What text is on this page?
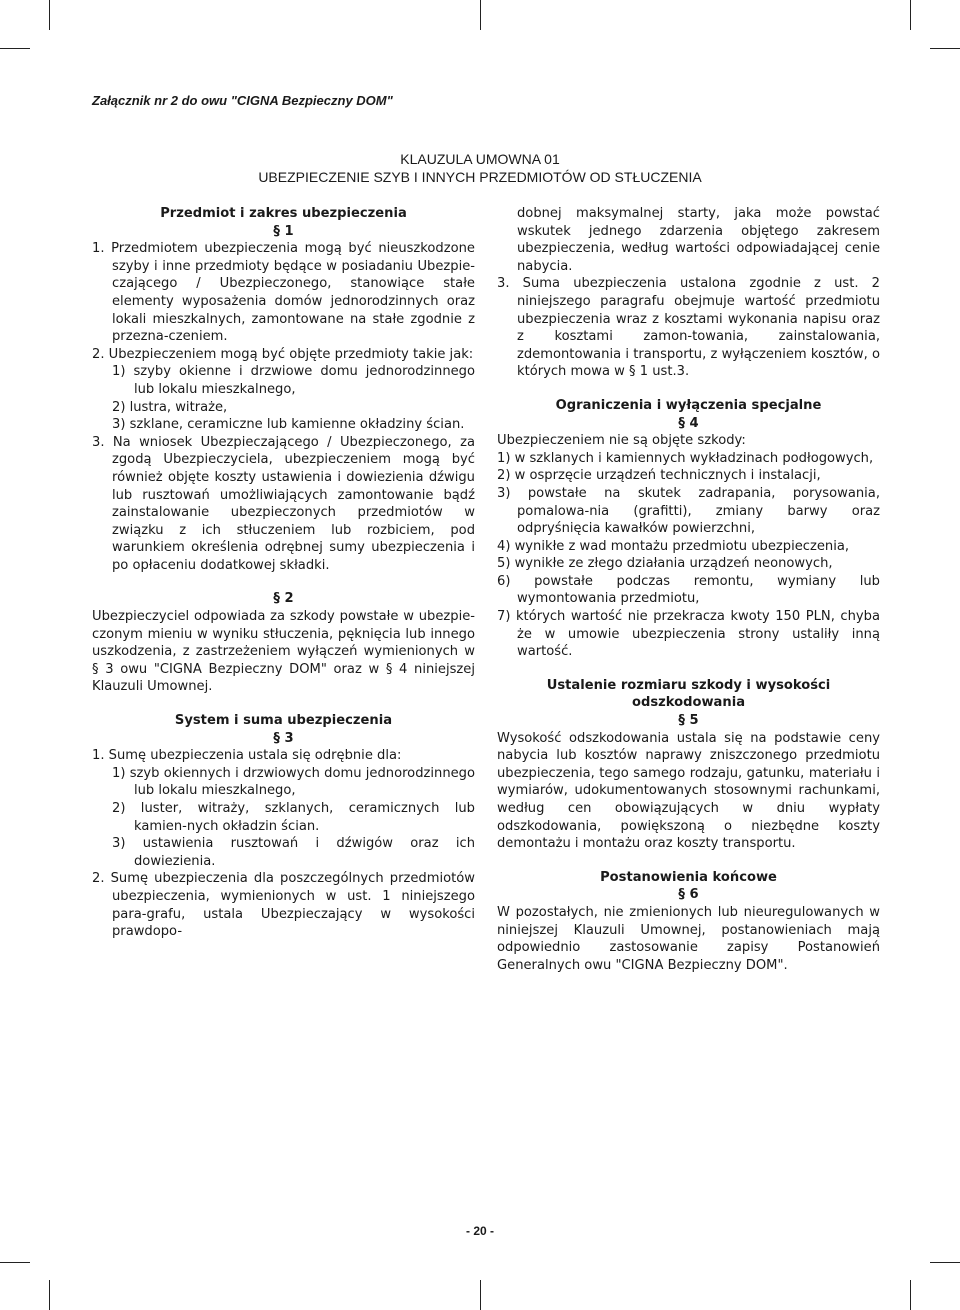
Załącznik nr 2 do owu "CIGNA Bezpieczny DOM"
KLAUZULA UMOWNA 01
UBEZPIECZENIE SZYB I INNYCH PRZEDMIOTÓW OD STŁUCZENIA
Przedmiot i zakres ubezpieczenia
§ 1

1. Przedmiotem ubezpieczenia mogą być nieuszkodzone szyby i inne przedmioty będące w posiadaniu Ubezpie-czającego / Ubezpieczonego, stanowiące stałe elementy wyposażenia domów jednorodzinnych oraz lokali mieszkalnych, zamontowane na stałe zgodnie z przezna-czeniem.

2. Ubezpieczeniem mogą być objęte przedmioty takie jak:

1) szyby okienne i drzwiowe domu jednorodzinnego lub lokalu mieszkalnego,

2) lustra, witraże,

3) szklane, ceramiczne lub kamienne okładziny ścian.

3. Na wniosek Ubezpieczającego / Ubezpieczonego, za zgodą Ubezpieczyciela, ubezpieczeniem mogą być również objęte koszty ustawienia i dowiezienia dźwigu lub rusztowań umożliwiających zamontowanie bądź zainstalowanie ubezpieczonych przedmiotów w związku z ich stłuczeniem lub rozbiciem, pod warunkiem określenia odrębnej sumy ubezpieczenia i po opłaceniu dodatkowej składki.

§ 2

Ubezpieczyciel odpowiada za szkody powstałe w ubezpie-czonym mieniu w wyniku stłuczenia, pęknięcia lub innego uszkodzenia, z zastrzeżeniem wyłączeń wymienionych w § 3 owu "CIGNA Bezpieczny DOM" oraz w § 4 niniejszej Klauzuli Umownej.

System i suma ubezpieczenia
§ 3

1. Sumę ubezpieczenia ustala się odrębnie dla:

1) szyb okiennych i drzwiowych domu jednorodzinnego lub lokalu mieszkalnego,

2) luster, witraży, szklanych, ceramicznych lub kamien-nych okładzin ścian.

3) ustawienia rusztowań i dźwigów oraz ich dowiezienia.

2. Sumę ubezpieczenia dla poszczególnych przedmiotów ubezpieczenia, wymienionych w ust. 1 niniejszego para-grafu, ustala Ubezpieczający w wysokości prawdopo-

dobnej maksymalnej starty, jaka może powstać wskutek jednego zdarzenia objętego zakresem ubezpieczenia, według wartości odpowiadającej cenie nabycia.

3. Suma ubezpieczenia ustalona zgodnie z ust. 2 niniejszego paragrafu obejmuje wartość przedmiotu ubezpieczenia wraz z kosztami wykonania napisu oraz z kosztami zamon-towania, zainstalowania, zdemontowania i transportu, z wyłączeniem kosztów, o których mowa w § 1 ust.3.

Ograniczenia i wyłączenia specjalne
§ 4

Ubezpieczeniem nie są objęte szkody:

1) w szklanych i kamiennych wykładzinach podłogowych,

2) w osprzęcie urządzeń technicznych i instalacji,

3) powstałe na skutek zadrapania, porysowania, pomalowa-nia (grafitti), zmiany barwy oraz odpryśnięcia kawałków powierzchni,

4) wynikłe z wad montażu przedmiotu ubezpieczenia,

5) wynikłe ze złego działania urządzeń neonowych,

6) powstałe podczas remontu, wymiany lub wymontowania przedmiotu,

7) których wartość nie przekracza kwoty 150 PLN, chyba że w umowie ubezpieczenia strony ustaliły inną wartość.

Ustalenie rozmiaru szkody i wysokości odszkodowania
§ 5

Wysokość odszkodowania ustala się na podstawie ceny nabycia lub kosztów naprawy zniszczonego przedmiotu ubezpieczenia, tego samego rodzaju, gatunku, materiału i wymiarów, udokumentowanych stosownymi rachunkami, według cen obowiązujących w dniu wypłaty odszkodowania, powiększoną o niezbędne koszty demontażu i montażu oraz koszty transportu.

Postanowienia końcowe
§ 6

W pozostałych, nie zmienionych lub nieuregulowanych w niniejszej Klauzuli Umownej, postanowieniach mają odpowiednio zastosowanie zapisy Postanowień Generalnych owu "CIGNA Bezpieczny DOM".

- 20 -
